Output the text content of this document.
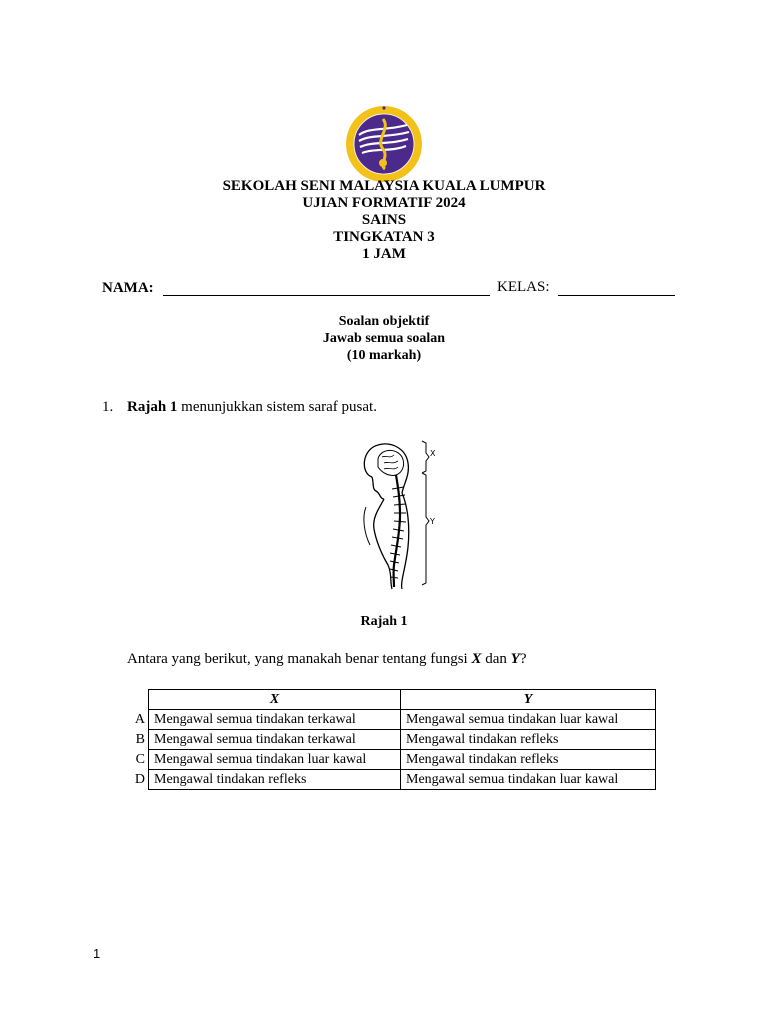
SEKOLAH SENI MALAYSIA KUALA LUMPUR
UJIAN FORMATIF 2024
SAINS
TINGKATAN 3
1 JAM
NAMA:	KELAS:
Soalan objektif
Jawab semua soalan
(10 markah)
1. Rajah 1 menunjukkan sistem saraf pusat.
X
Y
Rajah 1
Antara yang berikut, yang manakah benar tentang fungsi X dan Y?
	X	Y
A	Mengawal semua tindakan terkawal	Mengawal semua tindakan luar kawal
B	Mengawal semua tindakan terkawal	Mengawal tindakan refleks
C	Mengawal semua tindakan luar kawal	Mengawal tindakan refleks
D	Mengawal tindakan refleks	Mengawal semua tindakan luar kawal
1
